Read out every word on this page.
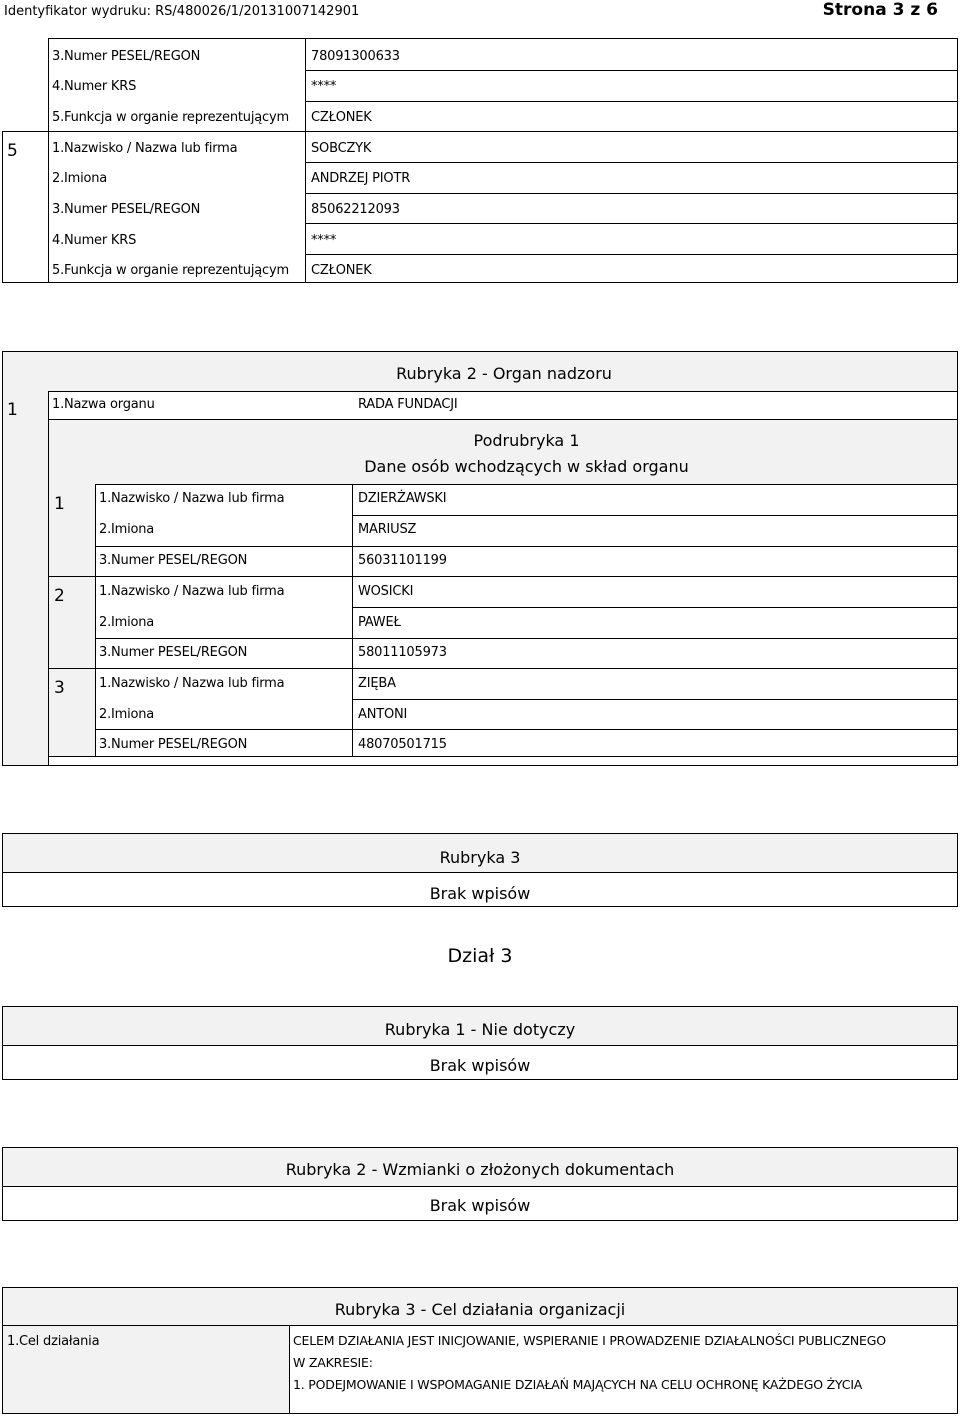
Identyfikator wydruku: RS/480026/1/20131007142901	Strona 3 z 6
3.Numer PESEL/REGON	78091300633
4.Numer KRS	****
5.Funkcja w organie reprezentującym CZŁONEK
5	1.Nazwisko / Nazwa lub firma	SOBCZYK
2.Imiona	ANDRZEJ PIOTR
3.Numer PESEL/REGON	85062212093
4.Numer KRS	****
5.Funkcja w organie reprezentującym CZŁONEK
Rubryka 2 - Organ nadzoru
1	1.Nazwa organu	RADA FUNDACJI
Podrubryka 1
Dane osób wchodzących w skład organu
1	1.Nazwisko / Nazwa lub firma	DZIERŻAWSKI
2.Imiona	MARIUSZ
3.Numer PESEL/REGON	56031101199
2	1.Nazwisko / Nazwa lub firma	WOSICKI
2.Imiona	PAWEŁ
3.Numer PESEL/REGON	58011105973
3	1.Nazwisko / Nazwa lub firma	ZIĘBA
2.Imiona	ANTONI
3.Numer PESEL/REGON	48070501715
Rubryka 3
Brak wpisów
Dział 3
Rubryka 1 - Nie dotyczy
Brak wpisów
Rubryka 2 - Wzmianki o złożonych dokumentach
Brak wpisów
Rubryka 3 - Cel działania organizacji
1.Cel działania	CELEM DZIAŁANIA JEST INICJOWANIE, WSPIERANIE I PROWADZENIE DZIAŁALNOŚCI PUBLICZNEGO
W ZAKRESIE:
1. PODEJMOWANIE I WSPOMAGANIE DZIAŁAŃ MAJĄCYCH NA CELU OCHRONĘ KAŻDEGO ŻYCIA
